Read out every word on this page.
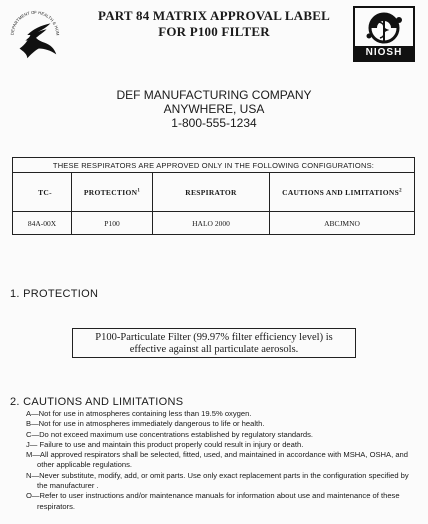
DEPARTMENT OF HEALTH & HUM
PART 84 MATRIX APPROVAL LABEL
FOR P100 FILTER
NIOSH
DEF MANUFACTURING COMPANY
ANYWHERE, USA
1-800-555-1234
THESE RESPIRATORS ARE APPROVED ONLY IN THE FOLLOWING CONFIGURATIONS:			
TC-	PROTECTION$^1$	RESPIRATOR	CAUTIONS AND LIMITATIONS$^2$
84A-00X	P100	HALO 2000	ABCJMNO
1. PROTECTION
P100-Particulate Filter (99.97% filter efficiency level) is
effective against all particulate aerosols.
2. CAUTIONS AND LIMITATIONS
A—Not for use in atmospheres containing less than 19.5% oxygen.
B—Not for use in atmospheres immediately dangerous to life or health.
C—Do not exceed maximum use concentrations established by regulatory standards.
J— Failure to use and maintain this product properly could result in injury or death.
M—All approved respirators shall be selected, fitted, used, and maintained in accordance with MSHA, OSHA, and other applicable regulations.
N—Never substitute, modify, add, or omit parts. Use only exact replacement parts in the configuration specified by the manufacturer .
O—Refer to user instructions and/or maintenance manuals for information about use and maintenance of these respirators.
